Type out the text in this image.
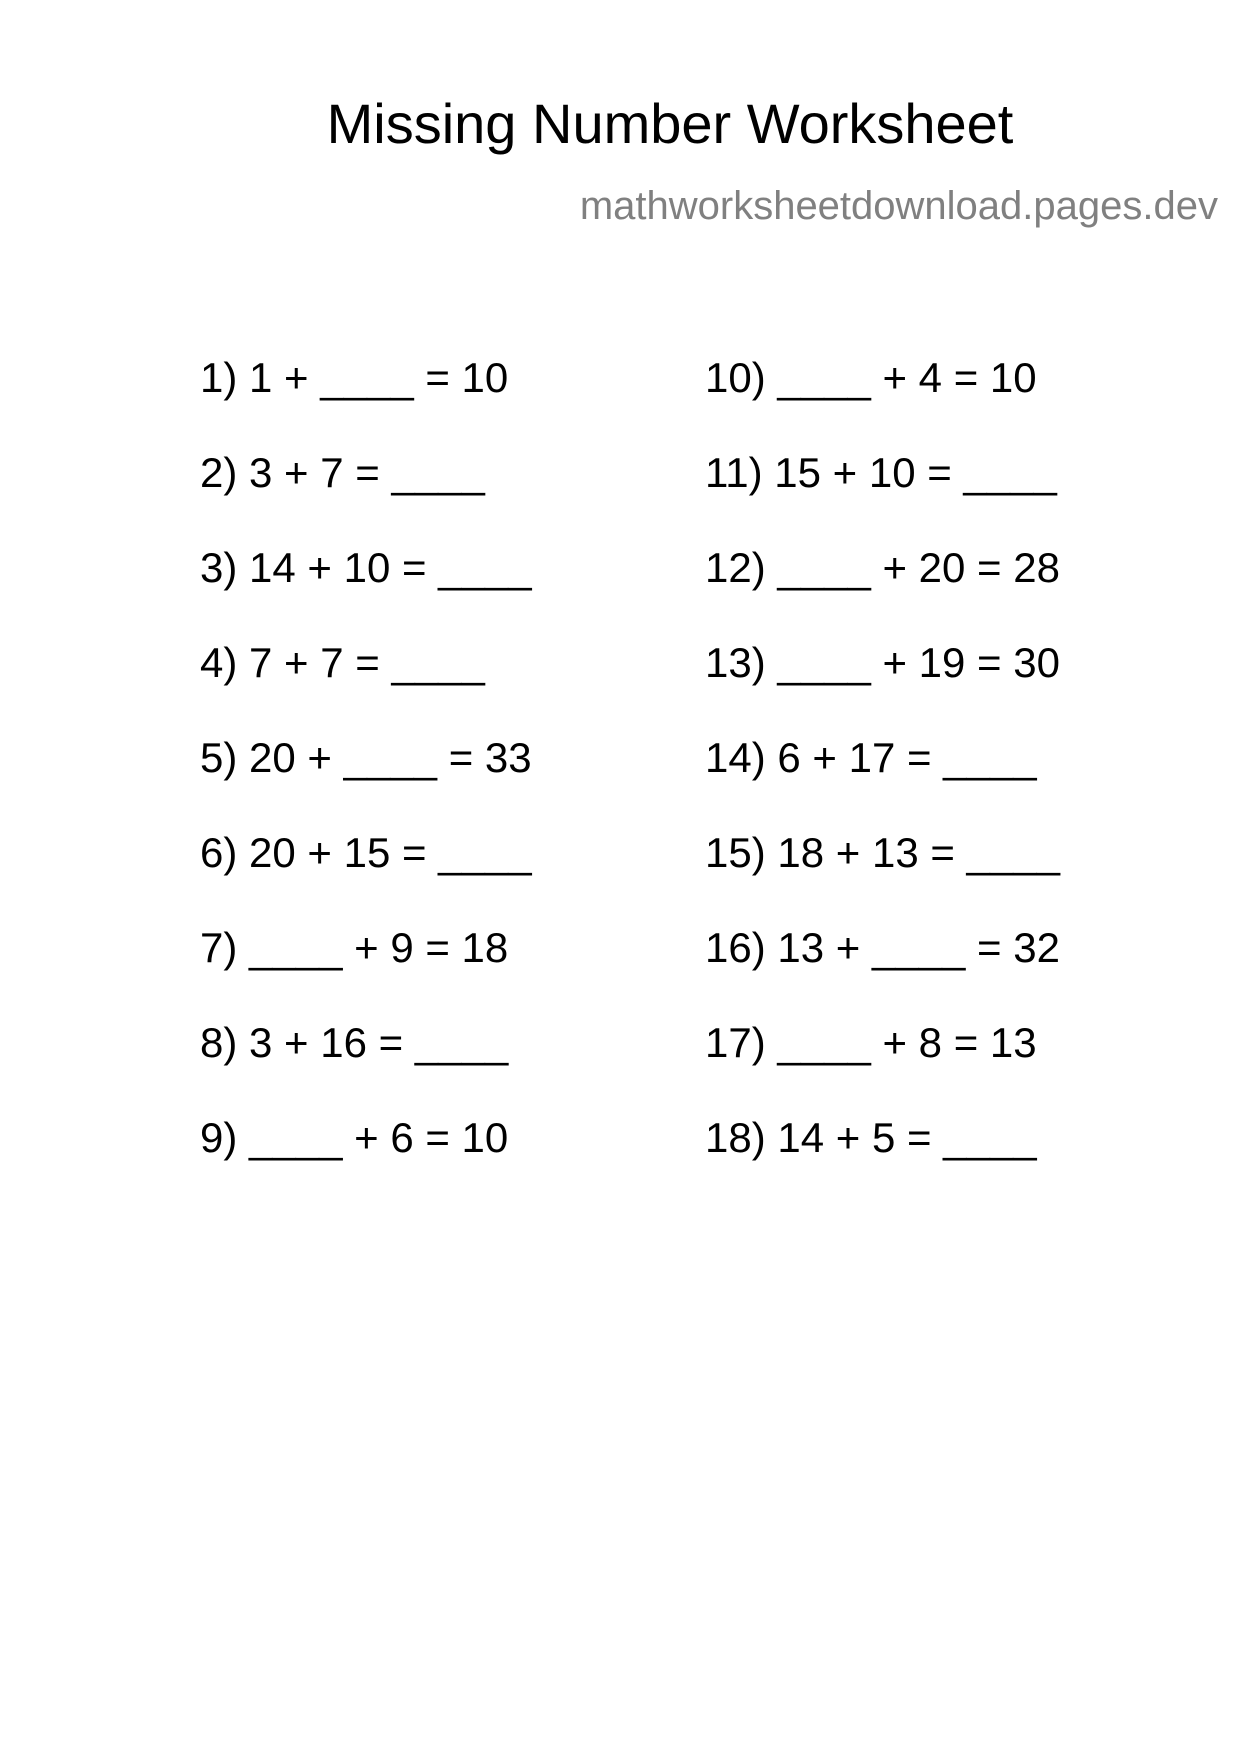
Missing Number Worksheet
mathworksheetdownload.pages.dev
1) 1 + ____ = 10
2) 3 + 7 = ____
3) 14 + 10 = ____
4) 7 + 7 = ____
5) 20 + ____ = 33
6) 20 + 15 = ____
7) ____ + 9 = 18
8) 3 + 16 = ____
9) ____ + 6 = 10
10) ____ + 4 = 10
11) 15 + 10 = ____
12) ____ + 20 = 28
13) ____ + 19 = 30
14) 6 + 17 = ____
15) 18 + 13 = ____
16) 13 + ____ = 32
17) ____ + 8 = 13
18) 14 + 5 = ____
